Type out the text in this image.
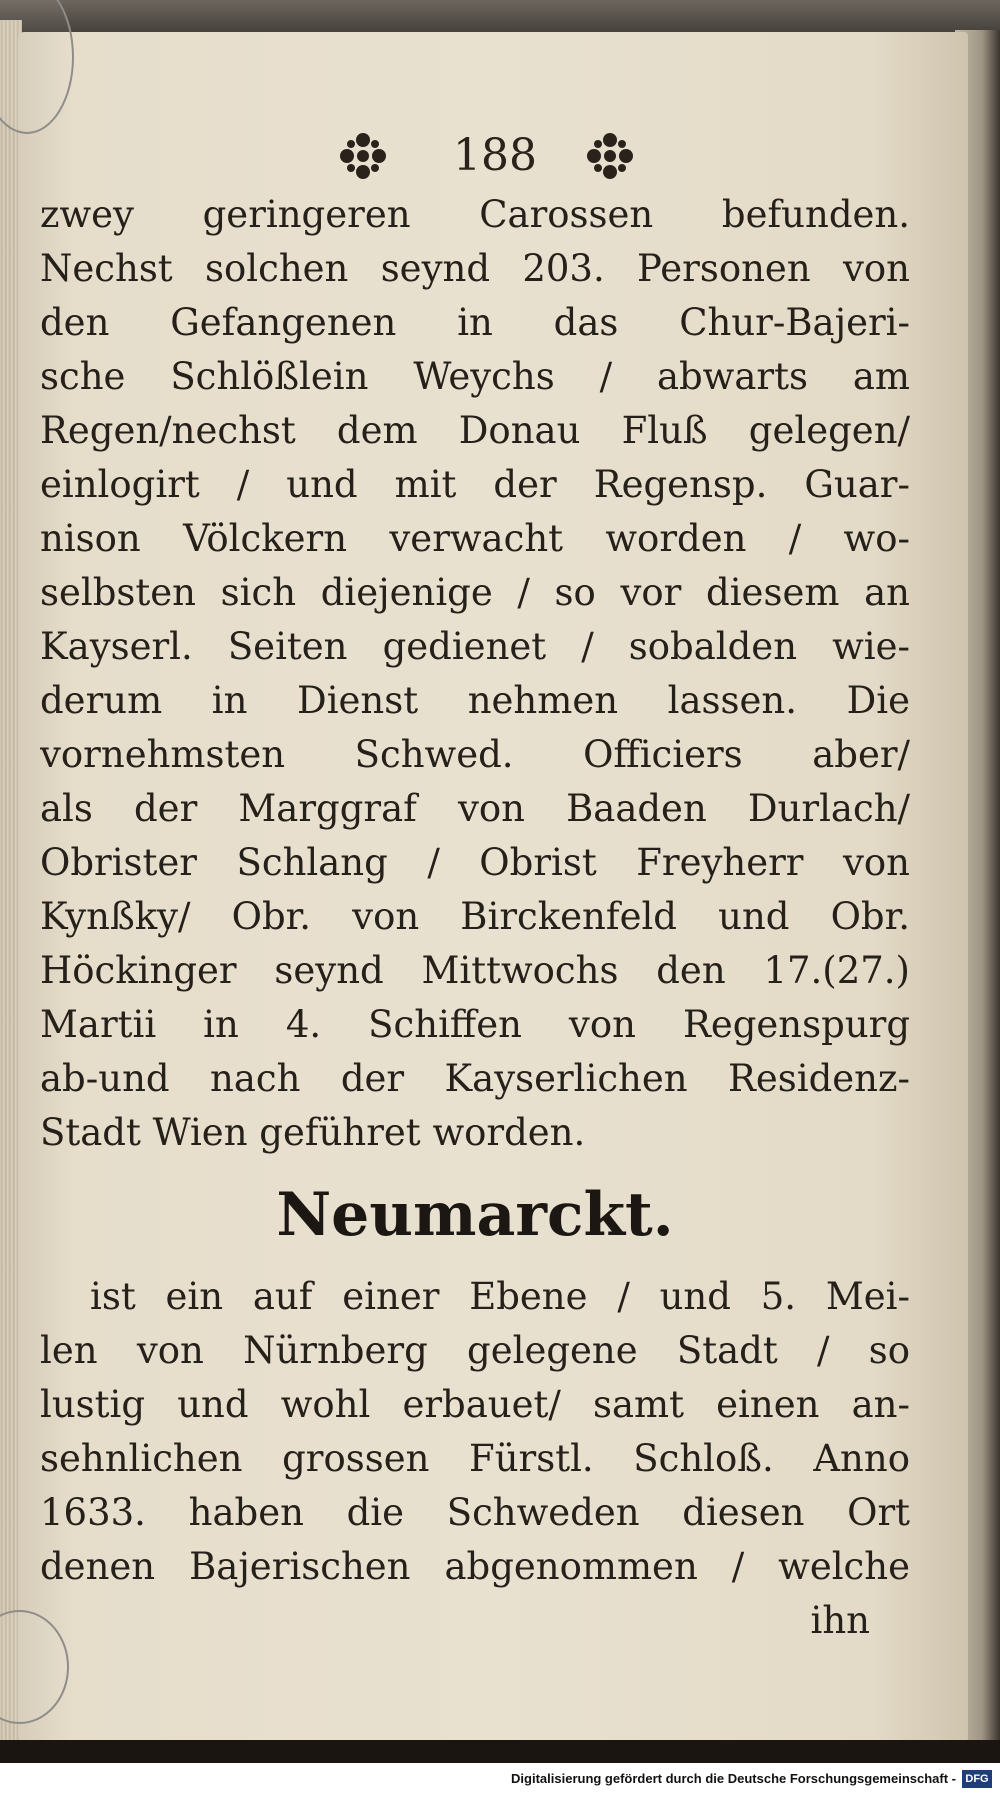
188
zwey geringeren Carossen befunden.
Nechst solchen seynd 203. Personen von
den Gefangenen in das Chur-Bajeri-
sche Schlößlein Weychs / abwarts am
Regen/nechst dem Donau Fluß gelegen/
einlogirt / und mit der Regensp. Guar-
nison Völckern verwacht worden / wo-
selbsten sich diejenige / so vor diesem an
Kayserl. Seiten gedienet / sobalden wie-
derum in Dienst nehmen lassen. Die
vornehmsten Schwed. Officiers aber/
als der Marggraf von Baaden Durlach/
Obrister Schlang / Obrist Freyherr von
Kynßky/ Obr. von Birckenfeld und Obr.
Höckinger seynd Mittwochs den 17.(27.)
Martii in 4. Schiffen von Regenspurg
ab-und nach der Kayserlichen Residenz-
Stadt Wien geführet worden.
Neumarckt.
ist ein auf einer Ebene / und 5. Mei-
len von Nürnberg gelegene Stadt / so
lustig und wohl erbauet/ samt einen an-
sehnlichen grossen Fürstl. Schloß. Anno
1633. haben die Schweden diesen Ort
denen Bajerischen abgenommen / welche
ihn
Digitalisierung gefördert durch die Deutsche Forschungsgemeinschaft - DFG
